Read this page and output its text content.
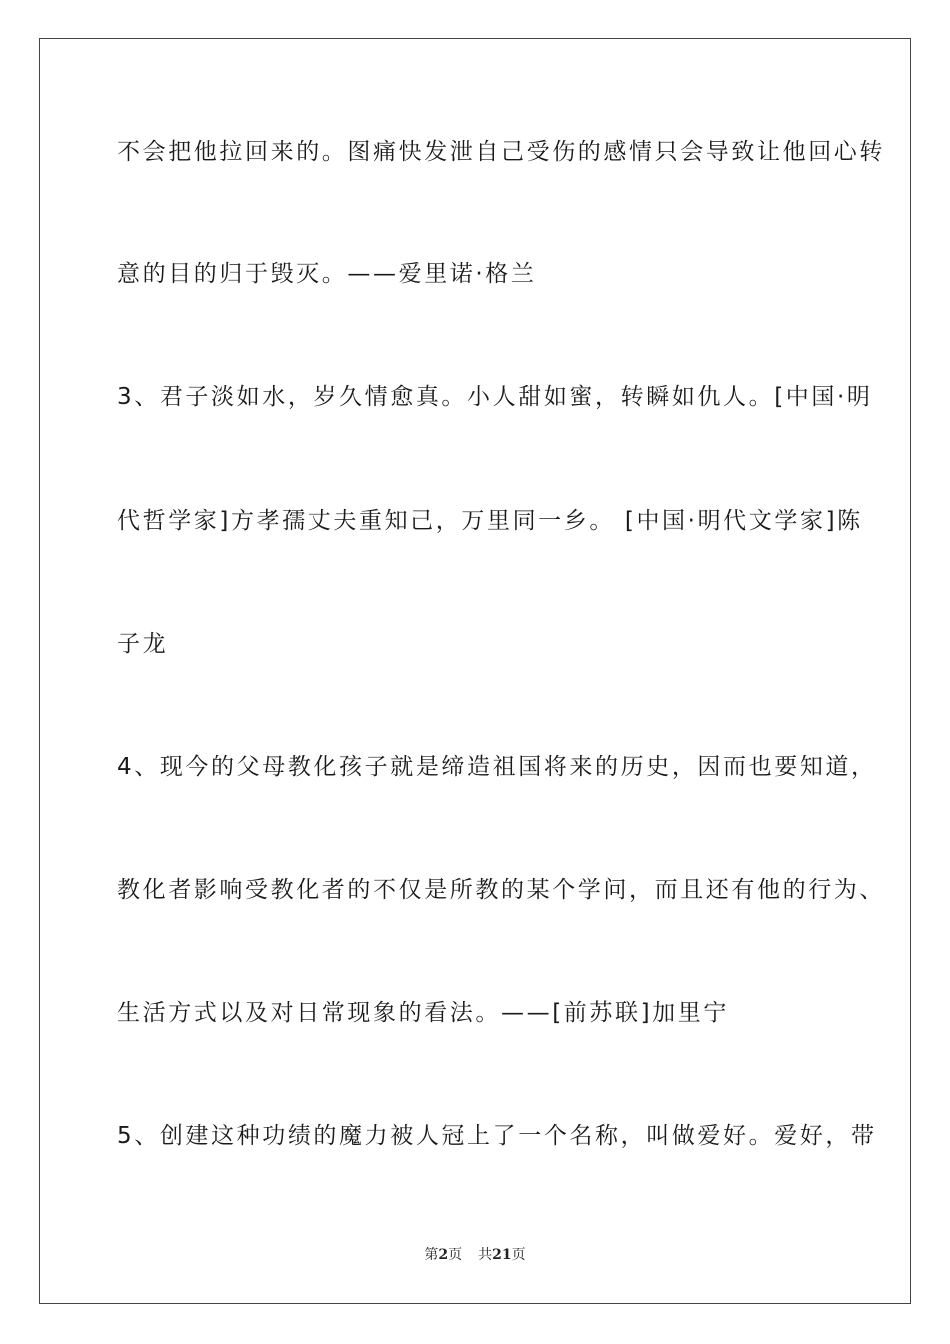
不会把他拉回来的。图痛快发泄自己受伤的感情只会导致让他回心转
意的目的归于毁灭。——爱里诺·格兰
3、君子淡如水，岁久情愈真。小人甜如蜜，转瞬如仇人。[中国·明
代哲学家]方孝孺丈夫重知己，万里同一乡。 [中国·明代文学家]陈
子龙
4、现今的父母教化孩子就是缔造祖国将来的历史，因而也要知道，
教化者影响受教化者的不仅是所教的某个学问，而且还有他的行为、
生活方式以及对日常现象的看法。——[前苏联]加里宁
5、创建这种功绩的魔力被人冠上了一个名称，叫做爱好。爱好，带
第2页 共21页
